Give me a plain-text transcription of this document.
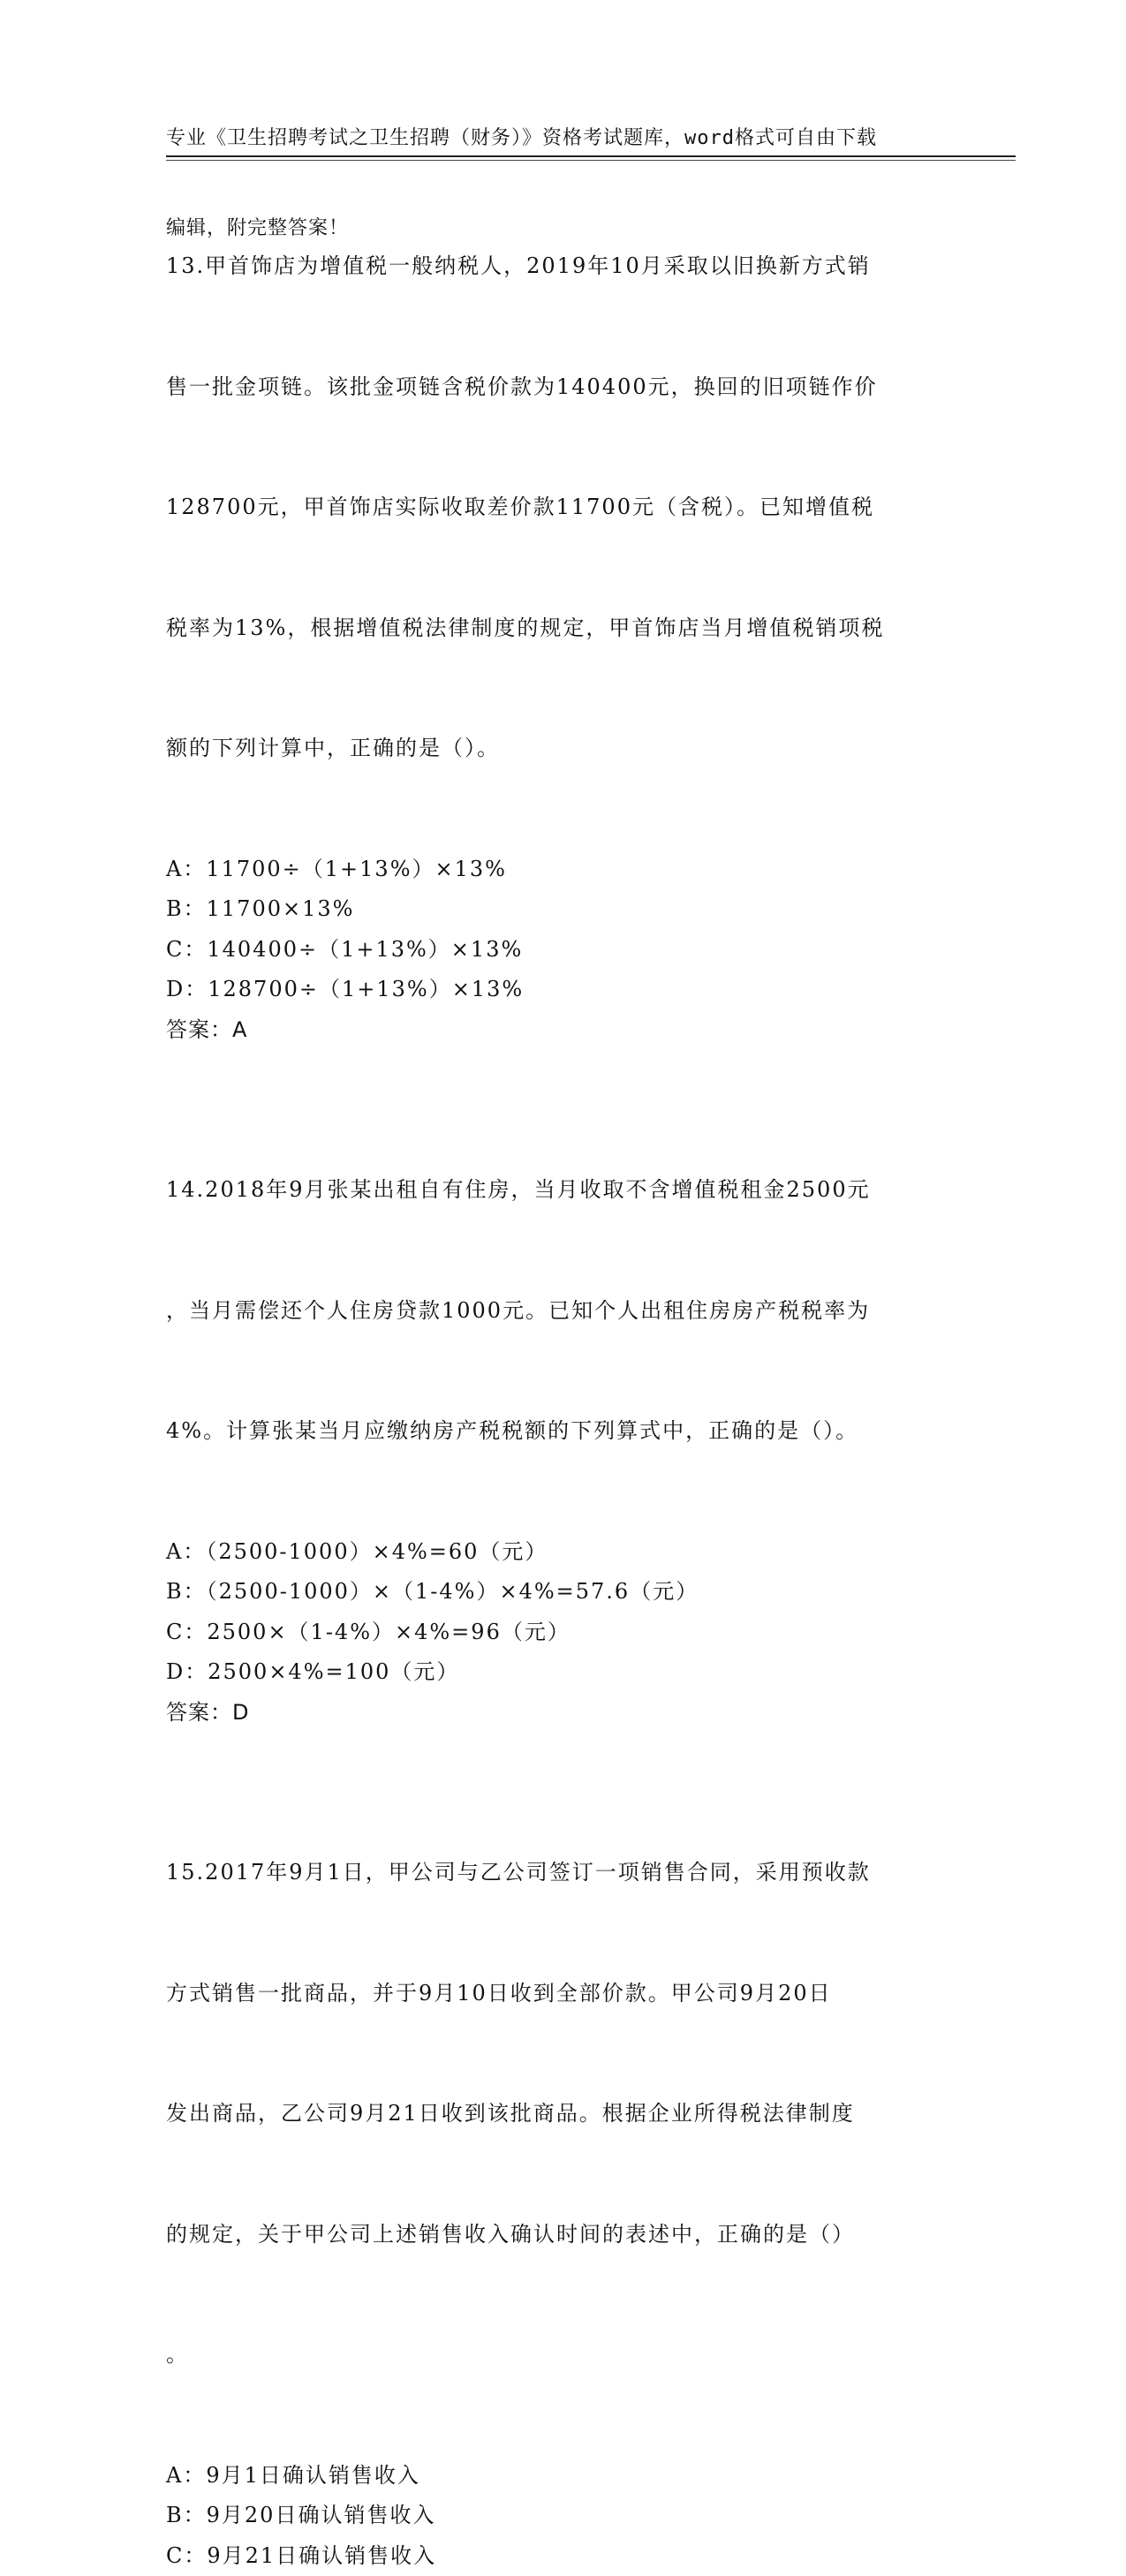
专业《卫生招聘考试之卫生招聘（财务）》资格考试题库，word格式可自由下载

编辑，附完整答案！

13.甲首饰店为增值税一般纳税人，2019年10月采取以旧换新方式销

售一批金项链。该批金项链含税价款为140400元，换回的旧项链作价

128700元，甲首饰店实际收取差价款11700元（含税）。已知增值税

税率为13%，根据增值税法律制度的规定，甲首饰店当月增值税销项税

额的下列计算中，正确的是（）。

A：11700÷（1+13%）×13%
B：11700×13%
C：140400÷（1+13%）×13%
D：128700÷（1+13%）×13%
答案：A

14.2018年9月张某出租自有住房，当月收取不含增值税租金2500元

，当月需偿还个人住房贷款1000元。已知个人出租住房房产税税率为

4%。计算张某当月应缴纳房产税税额的下列算式中，正确的是（）。

A：（2500-1000）×4%=60（元）
B：（2500-1000）×（1-4%）×4%=57.6（元）
C：2500×（1-4%）×4%=96（元）
D：2500×4%=100（元）
答案：D

15.2017年9月1日，甲公司与乙公司签订一项销售合同，采用预收款

方式销售一批商品，并于9月10日收到全部价款。甲公司9月20日

发出商品，乙公司9月21日收到该批商品。根据企业所得税法律制度

的规定，关于甲公司上述销售收入确认时间的表述中，正确的是（）

。

A：9月1日确认销售收入
B：9月20日确认销售收入
C：9月21日确认销售收入
